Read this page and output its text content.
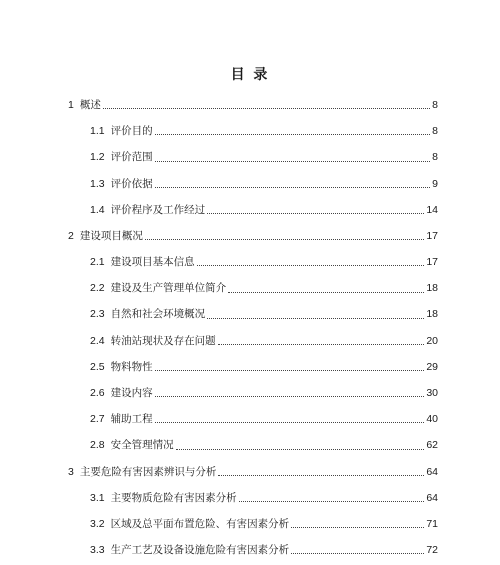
目 录
1 概述	8
1.1 评价目的	8
1.2 评价范围	8
1.3 评价依据	9
1.4 评价程序及工作经过	14
2 建设项目概况	17
2.1 建设项目基本信息	17
2.2 建设及生产管理单位简介	18
2.3 自然和社会环境概况	18
2.4 转油站现状及存在问题	20
2.5 物料物性	29
2.6 建设内容	30
2.7 辅助工程	40
2.8 安全管理情况	62
3 主要危险有害因素辨识与分析	64
3.1 主要物质危险有害因素分析	64
3.2 区域及总平面布置危险、有害因素分析	71
3.3 生产工艺及设备设施危险有害因素分析	72
